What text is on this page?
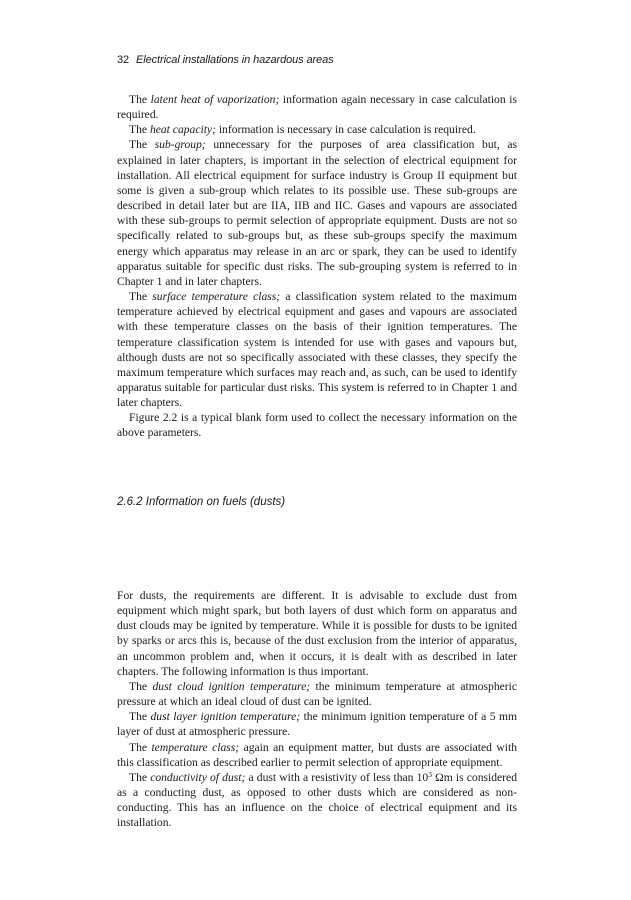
32 Electrical installations in hazardous areas

The latent heat of vaporization; information again necessary in case calculation is required.

The heat capacity; information is necessary in case calculation is required.

The sub-group; unnecessary for the purposes of area classification but, as explained in later chapters, is important in the selection of electrical equipment for installation. All electrical equipment for surface industry is Group II equipment but some is given a sub-group which relates to its possible use. These sub-groups are described in detail later but are IIA, IIB and IIC. Gases and vapours are associated with these sub-groups to permit selection of appropriate equipment. Dusts are not so specifically related to sub-groups but, as these sub-groups specify the maximum energy which apparatus may release in an arc or spark, they can be used to identify apparatus suitable for specific dust risks. The sub-grouping system is referred to in Chapter 1 and in later chapters.

The surface temperature class; a classification system related to the maximum temperature achieved by electrical equipment and gases and vapours are associated with these temperature classes on the basis of their ignition temperatures. The temperature classification system is intended for use with gases and vapours but, although dusts are not so specifically associated with these classes, they specify the maximum temperature which surfaces may reach and, as such, can be used to identify apparatus suitable for particular dust risks. This system is referred to in Chapter 1 and later chapters.

Figure 2.2 is a typical blank form used to collect the necessary information on the above parameters.

2.6.2 Information on fuels (dusts)

For dusts, the requirements are different. It is advisable to exclude dust from equipment which might spark, but both layers of dust which form on apparatus and dust clouds may be ignited by temperature. While it is possible for dusts to be ignited by sparks or arcs this is, because of the dust exclusion from the interior of apparatus, an uncommon problem and, when it occurs, it is dealt with as described in later chapters. The following information is thus important.

The dust cloud ignition temperature; the minimum temperature at atmospheric pressure at which an ideal cloud of dust can be ignited.

The dust layer ignition temperature; the minimum ignition temperature of a 5 mm layer of dust at atmospheric pressure.

The temperature class; again an equipment matter, but dusts are associated with this classification as described earlier to permit selection of appropriate equipment.

The conductivity of dust; a dust with a resistivity of less than $10^3$ Ωm is considered as a conducting dust, as opposed to other dusts which are considered as non-conducting. This has an influence on the choice of electrical equipment and its installation.
